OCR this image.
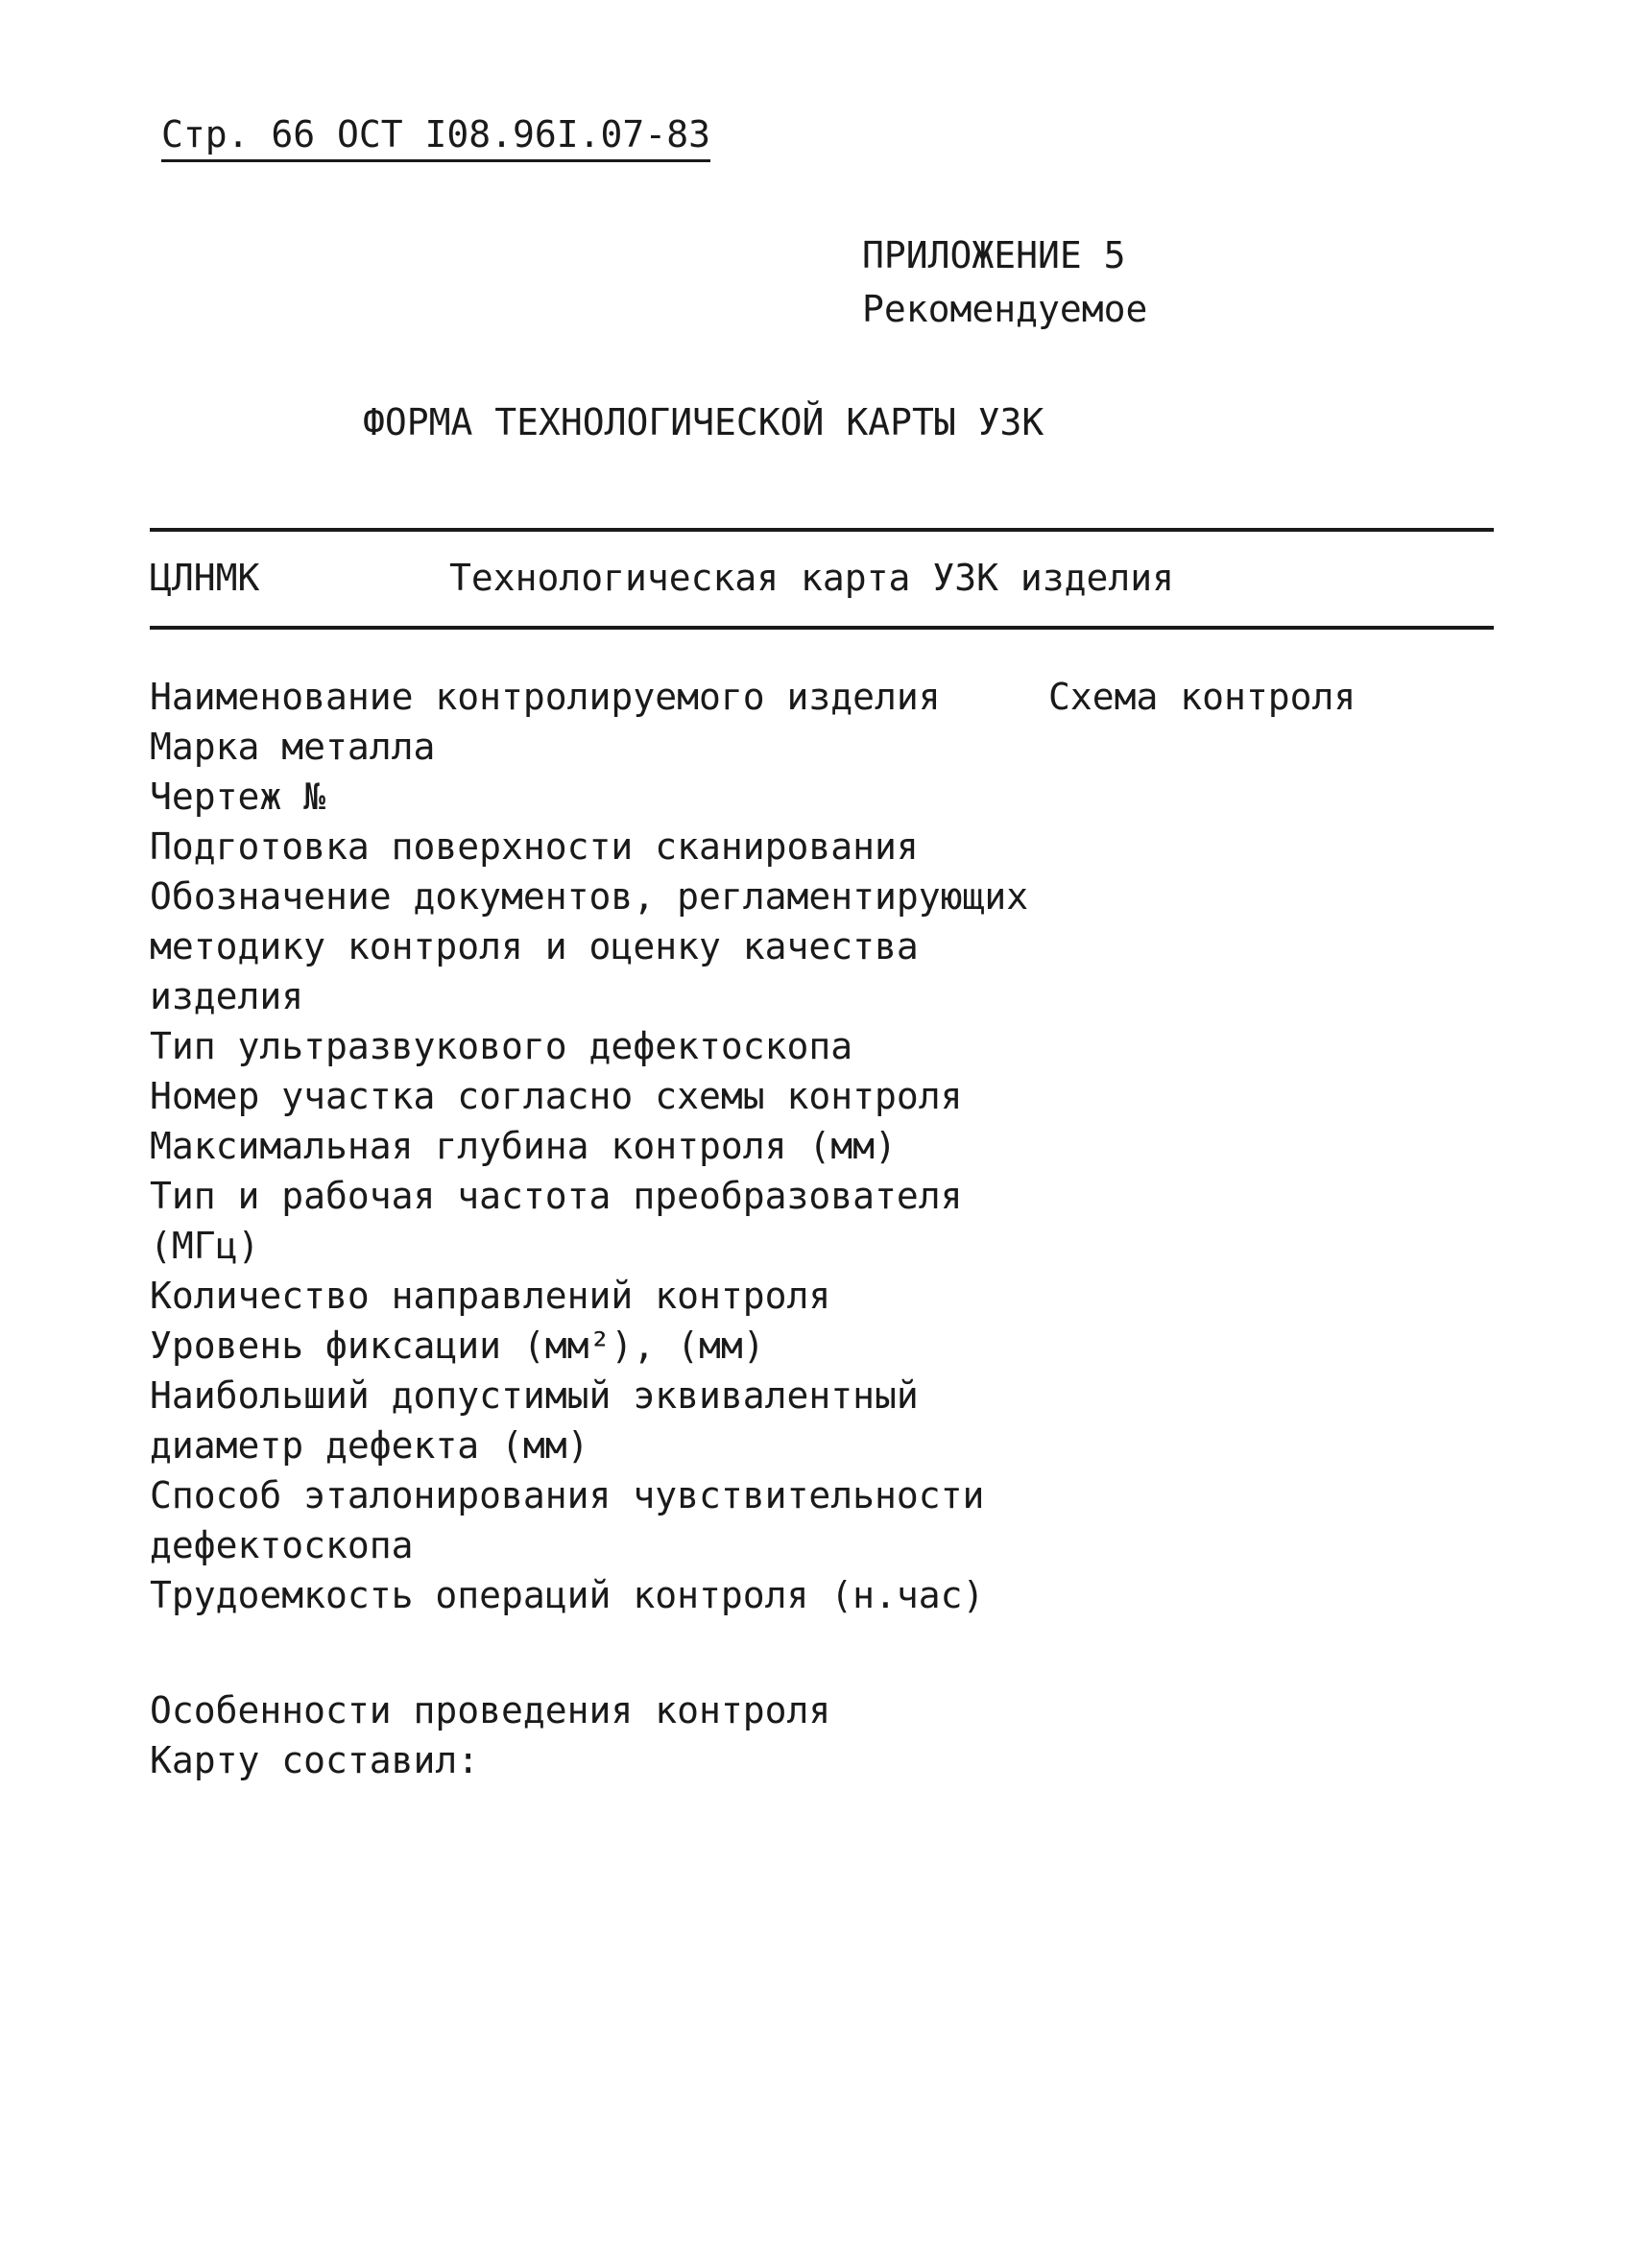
Стр. 66 ОСТ I08.96I.07-83
ПРИЛОЖЕНИЕ 5
Рекомендуемое
ФОРМА ТЕХНОЛОГИЧЕСКОЙ КАРТЫ УЗК
ЦЛНМК	Технологическая карта УЗК изделия
Наименование контролируемого изделия
Марка металла
Чертеж №
Подготовка поверхности сканирования
Обозначение документов, регламентирующих методику контроля и оценку качества изделия
Тип ультразвукового дефектоскопа
Номер участка согласно схемы контроля
Максимальная глубина контроля (мм)
Тип и рабочая частота преобразователя (МГц)
Количество направлений контроля
Уровень фиксации (мм²), (мм)
Наибольший допустимый эквивалентный диаметр дефекта (мм)
Способ эталонирования чувствительности дефектоскопа
Трудоемкость операций контроля (н.час)
Схема контроля
Особенности проведения контроля
Карту составил:
